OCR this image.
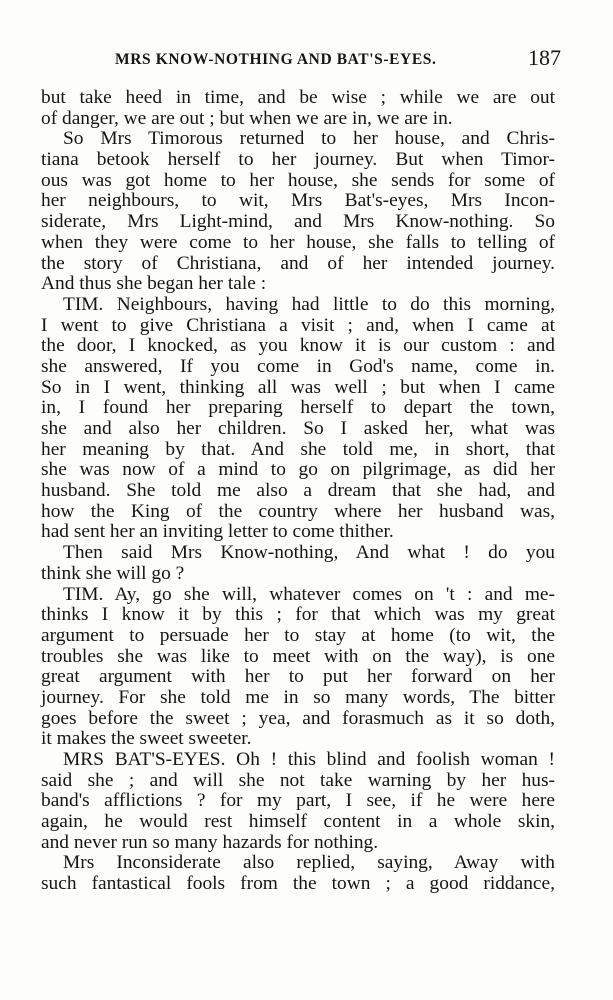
MRS KNOW-NOTHING AND BAT'S-EYES.	187
but take heed in time, and be wise ; while we are out
of danger, we are out ; but when we are in, we are in.
So Mrs Timorous returned to her house, and Chris-
tiana betook herself to her journey. But when Timor-
ous was got home to her house, she sends for some of
her neighbours, to wit, Mrs Bat's-eyes, Mrs Incon-
siderate, Mrs Light-mind, and Mrs Know-nothing. So
when they were come to her house, she falls to telling of
the story of Christiana, and of her intended journey.
And thus she began her tale :
TIM. Neighbours, having had little to do this morning,
I went to give Christiana a visit ; and, when I came at
the door, I knocked, as you know it is our custom : and
she answered, If you come in God's name, come in.
So in I went, thinking all was well ; but when I came
in, I found her preparing herself to depart the town,
she and also her children. So I asked her, what was
her meaning by that. And she told me, in short, that
she was now of a mind to go on pilgrimage, as did her
husband. She told me also a dream that she had, and
how the King of the country where her husband was,
had sent her an inviting letter to come thither.
Then said Mrs Know-nothing, And what ! do you
think she will go ?
TIM. Ay, go she will, whatever comes on 't : and me-
thinks I know it by this ; for that which was my great
argument to persuade her to stay at home (to wit, the
troubles she was like to meet with on the way), is one
great argument with her to put her forward on her
journey. For she told me in so many words, The bitter
goes before the sweet ; yea, and forasmuch as it so doth,
it makes the sweet sweeter.
MRS BAT'S-EYES. Oh ! this blind and foolish woman !
said she ; and will she not take warning by her hus-
band's afflictions ? for my part, I see, if he were here
again, he would rest himself content in a whole skin,
and never run so many hazards for nothing.
Mrs Inconsiderate also replied, saying, Away with
such fantastical fools from the town ; a good riddance,
